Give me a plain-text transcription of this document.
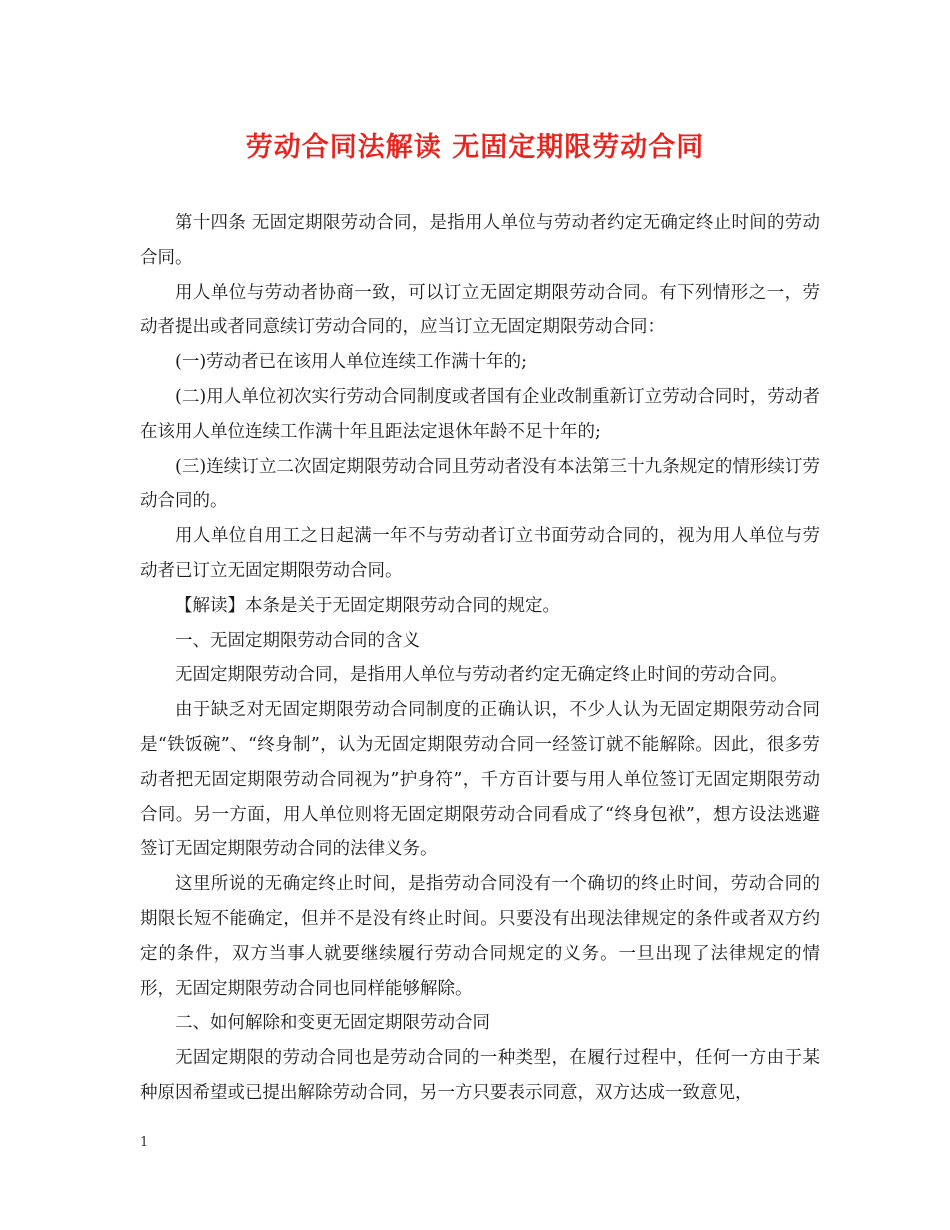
劳动合同法解读 无固定期限劳动合同

第十四条 无固定期限劳动合同，是指用人单位与劳动者约定无确定终止时间的劳动合同。

用人单位与劳动者协商一致，可以订立无固定期限劳动合同。有下列情形之一，劳动者提出或者同意续订劳动合同的，应当订立无固定期限劳动合同：

(一)劳动者已在该用人单位连续工作满十年的;

(二)用人单位初次实行劳动合同制度或者国有企业改制重新订立劳动合同时，劳动者在该用人单位连续工作满十年且距法定退休年龄不足十年的;

(三)连续订立二次固定期限劳动合同且劳动者没有本法第三十九条规定的情形续订劳动合同的。

用人单位自用工之日起满一年不与劳动者订立书面劳动合同的，视为用人单位与劳动者已订立无固定期限劳动合同。

【解读】本条是关于无固定期限劳动合同的规定。

一、无固定期限劳动合同的含义

无固定期限劳动合同，是指用人单位与劳动者约定无确定终止时间的劳动合同。

由于缺乏对无固定期限劳动合同制度的正确认识，不少人认为无固定期限劳动合同是“铁饭碗”、“终身制”，认为无固定期限劳动合同一经签订就不能解除。因此，很多劳动者把无固定期限劳动合同视为”护身符”，千方百计要与用人单位签订无固定期限劳动合同。另一方面，用人单位则将无固定期限劳动合同看成了“终身包袱”，想方设法逃避签订无固定期限劳动合同的法律义务。

这里所说的无确定终止时间，是指劳动合同没有一个确切的终止时间，劳动合同的期限长短不能确定，但并不是没有终止时间。只要没有出现法律规定的条件或者双方约定的条件，双方当事人就要继续履行劳动合同规定的义务。一旦出现了法律规定的情形，无固定期限劳动合同也同样能够解除。

二、如何解除和变更无固定期限劳动合同

无固定期限的劳动合同也是劳动合同的一种类型，在履行过程中，任何一方由于某种原因希望或已提出解除劳动合同，另一方只要表示同意，双方达成一致意见，

1
